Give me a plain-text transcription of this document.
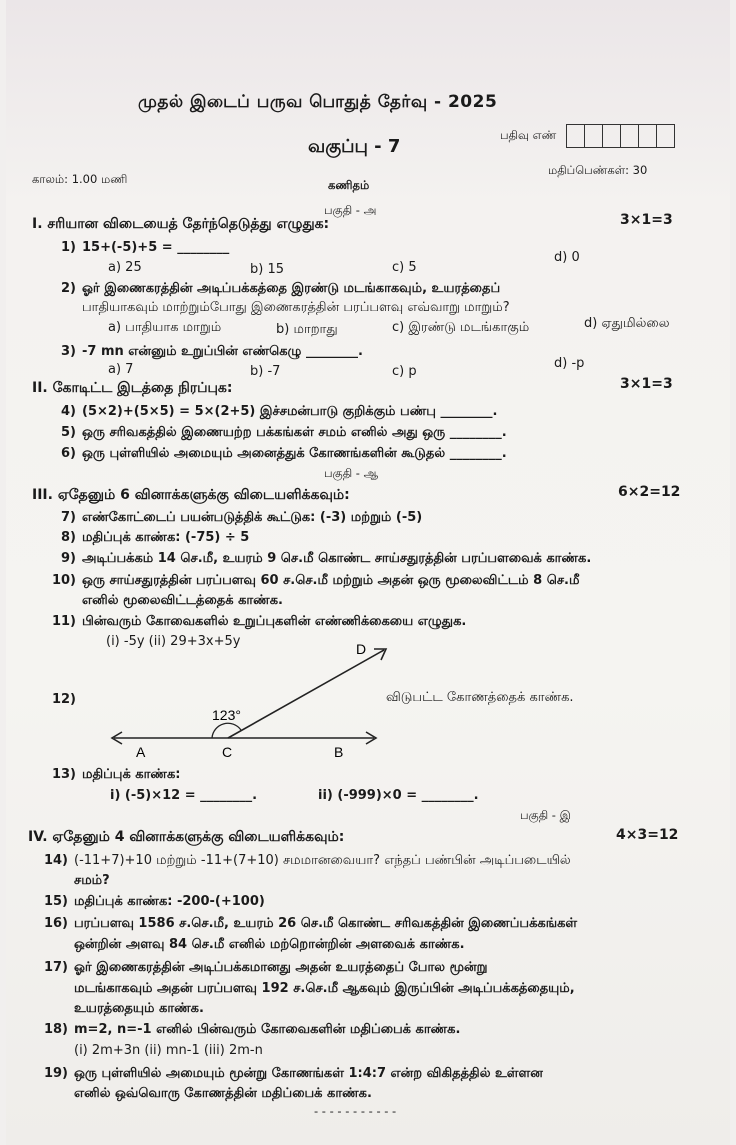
முதல் இடைப் பருவ பொதுத் தேர்வு - 2025
பதிவு எண்
வகுப்பு - 7
காலம்: 1.00 மணி
மதிப்பெண்கள்: 30
கணிதம்
பகுதி - அ
I. சரியான விடையைத் தேர்ந்தெடுத்து எழுதுக:	3×1=3
1) 15+(-5)+5 = ________
a) 25	b) 15	c) 5
d) 0
2) ஓர் இணைகரத்தின் அடிப்பக்கத்தை இரண்டு மடங்காகவும், உயரத்தைப்
பாதியாகவும் மாற்றும்போது இணைகரத்தின் பரப்பளவு எவ்வாறு மாறும்?
a) பாதியாக மாறும்	b) மாறாது	c) இரண்டு மடங்காகும்	d) ஏதுமில்லை
3) -7 mn என்னும் உறுப்பின் எண்கெழு ________.
a) 7	b) -7	c) p
d) -p
II. கோடிட்ட இடத்தை நிரப்புக:	3×1=3
4) (5×2)+(5×5) = 5×(2+5) இச்சமன்பாடு குறிக்கும் பண்பு ________.
5) ஒரு சரிவகத்தில் இணையற்ற பக்கங்கள் சமம் எனில் அது ஒரு ________.
6) ஒரு புள்ளியில் அமையும் அனைத்துக் கோணங்களின் கூடுதல் ________.
பகுதி - ஆ
III. ஏதேனும் 6 வினாக்களுக்கு விடையளிக்கவும்:	6×2=12
7) எண்கோட்டைப் பயன்படுத்திக் கூட்டுக: (-3) மற்றும் (-5)
8) மதிப்புக் காண்க: (-75) ÷ 5
9) அடிப்பக்கம் 14 செ.மீ, உயரம் 9 செ.மீ கொண்ட சாய்சதுரத்தின் பரப்பளவைக் காண்க.
10) ஒரு சாய்சதுரத்தின் பரப்பளவு 60 ச.செ.மீ மற்றும் அதன் ஒரு மூலைவிட்டம் 8 செ.மீ
எனில் மூலைவிட்டத்தைக் காண்க.
11) பின்வரும் கோவைகளில் உறுப்புகளின் எண்ணிக்கையை எழுதுக.
(i) -5y (ii) 29+3x+5y
12)	விடுபட்ட கோணத்தைக் காண்க.
123°
A	C	B
D
13) மதிப்புக் காண்க:
i) (-5)×12 = ________.	ii) (-999)×0 = ________.
பகுதி - இ
IV. ஏதேனும் 4 வினாக்களுக்கு விடையளிக்கவும்:	4×3=12
14) (-11+7)+10 மற்றும் -11+(7+10) சமமானவையா? எந்தப் பண்பின் அடிப்படையில்
சமம்?
15) மதிப்புக் காண்க: -200-(+100)
16) பரப்பளவு 1586 ச.செ.மீ, உயரம் 26 செ.மீ கொண்ட சரிவகத்தின் இணைப்பக்கங்கள்
ஒன்றின் அளவு 84 செ.மீ எனில் மற்றொன்றின் அளவைக் காண்க.
17) ஓர் இணைகரத்தின் அடிப்பக்கமானது அதன் உயரத்தைப் போல மூன்று
மடங்காகவும் அதன் பரப்பளவு 192 ச.செ.மீ ஆகவும் இருப்பின் அடிப்பக்கத்தையும்,
உயரத்தையும் காண்க.
18) m=2, n=-1 எனில் பின்வரும் கோவைகளின் மதிப்பைக் காண்க.
(i) 2m+3n (ii) mn-1 (iii) 2m-n
19) ஒரு புள்ளியில் அமையும் மூன்று கோணங்கள் 1:4:7 என்ற விகிதத்தில் உள்ளன
எனில் ஒவ்வொரு கோணத்தின் மதிப்பைக் காண்க.
- - - - - - - - - - -
